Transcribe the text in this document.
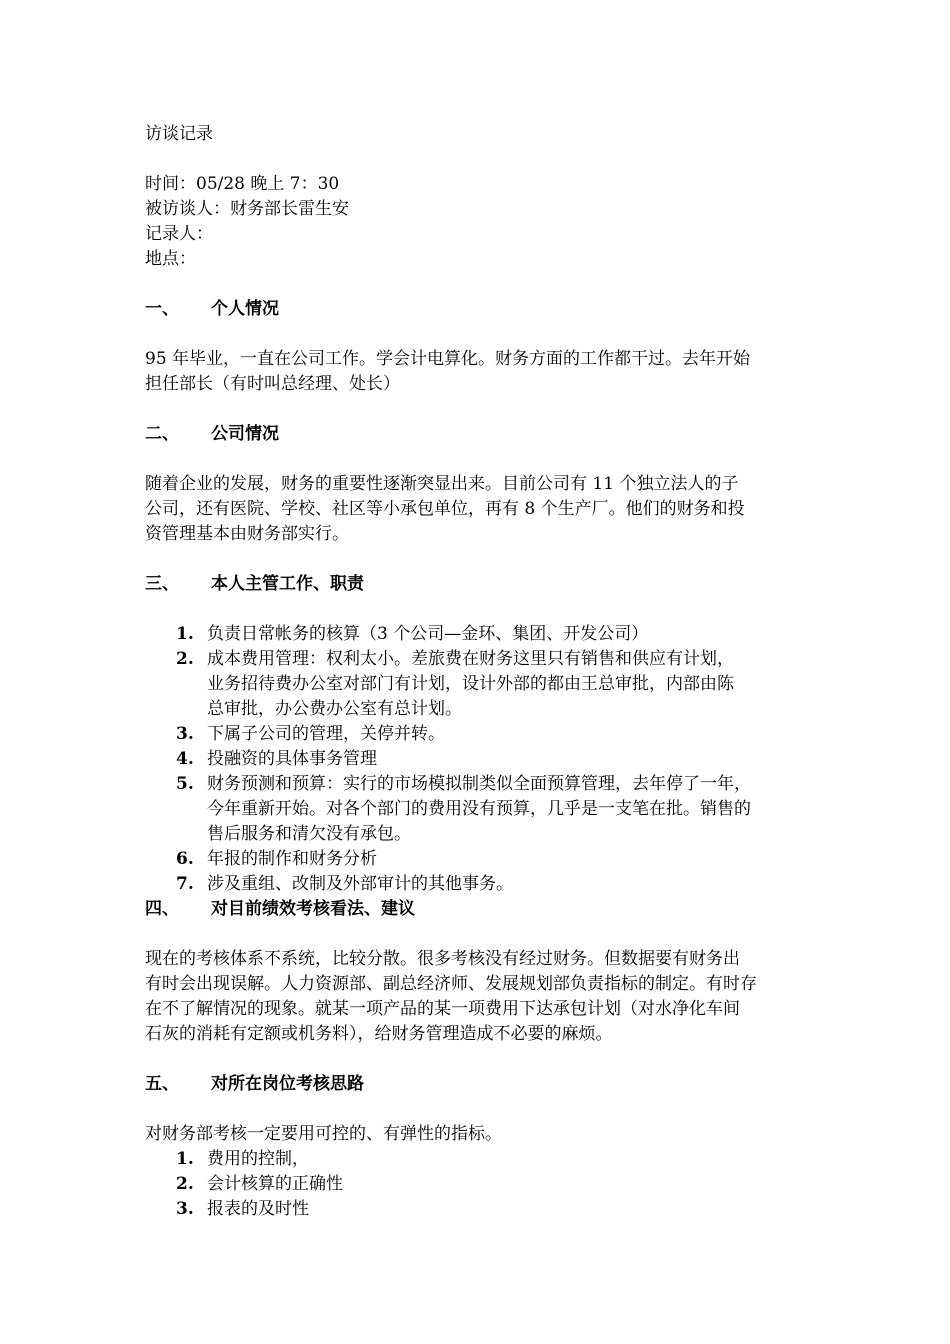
访谈记录

时间：05/28 晚上 7：30

被访谈人：财务部长雷生安

记录人：

地点：

一、 个人情况

95 年毕业，一直在公司工作。学会计电算化。财务方面的工作都干过。去年开始
担任部长（有时叫总经理、处长）

二、 公司情况

随着企业的发展，财务的重要性逐渐突显出来。目前公司有 11 个独立法人的子
公司，还有医院、学校、社区等小承包单位，再有 8 个生产厂。他们的财务和投
资管理基本由财务部实行。

三、 本人主管工作、职责

1. 负责日常帐务的核算（3 个公司—金环、集团、开发公司）
2. 成本费用管理：权利太小。差旅费在财务这里只有销售和供应有计划，
业务招待费办公室对部门有计划，设计外部的都由王总审批，内部由陈
总审批，办公费办公室有总计划。
3. 下属子公司的管理，关停并转。
4. 投融资的具体事务管理
5. 财务预测和预算：实行的市场模拟制类似全面预算管理，去年停了一年，
今年重新开始。对各个部门的费用没有预算，几乎是一支笔在批。销售的
售后服务和清欠没有承包。
6. 年报的制作和财务分析
7. 涉及重组、改制及外部审计的其他事务。

四、 对目前绩效考核看法、建议

现在的考核体系不系统，比较分散。很多考核没有经过财务。但数据要有财务出
有时会出现误解。人力资源部、副总经济师、发展规划部负责指标的制定。有时存
在不了解情况的现象。就某一项产品的某一项费用下达承包计划（对水净化车间
石灰的消耗有定额或机务料），给财务管理造成不必要的麻烦。

五、 对所在岗位考核思路

对财务部考核一定要用可控的、有弹性的指标。

1. 费用的控制，
2. 会计核算的正确性
3. 报表的及时性
